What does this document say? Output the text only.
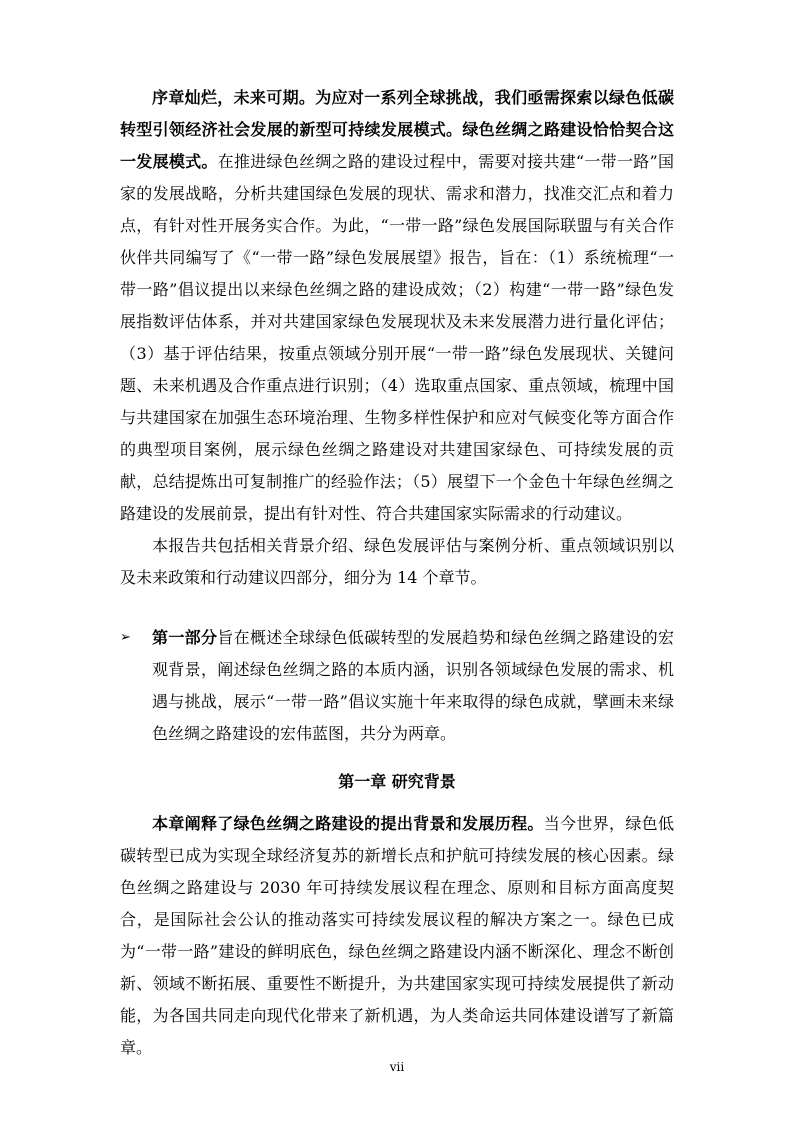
序章灿烂，未来可期。为应对一系列全球挑战，我们亟需探索以绿色低碳转型引领经济社会发展的新型可持续发展模式。绿色丝绸之路建设恰恰契合这一发展模式。在推进绿色丝绸之路的建设过程中，需要对接共建“一带一路”国家的发展战略，分析共建国绿色发展的现状、需求和潜力，找准交汇点和着力点，有针对性开展务实合作。为此，“一带一路”绿色发展国际联盟与有关合作伙伴共同编写了《“一带一路”绿色发展展望》报告，旨在：（1）系统梳理“一带一路”倡议提出以来绿色丝绸之路的建设成效；（2）构建“一带一路”绿色发展指数评估体系，并对共建国家绿色发展现状及未来发展潜力进行量化评估；（3）基于评估结果，按重点领域分别开展“一带一路”绿色发展现状、关键问题、未来机遇及合作重点进行识别；（4）选取重点国家、重点领域，梳理中国与共建国家在加强生态环境治理、生物多样性保护和应对气候变化等方面合作的典型项目案例，展示绿色丝绸之路建设对共建国家绿色、可持续发展的贡献，总结提炼出可复制推广的经验作法；（5）展望下一个金色十年绿色丝绸之路建设的发展前景，提出有针对性、符合共建国家实际需求的行动建议。

本报告共包括相关背景介绍、绿色发展评估与案例分析、重点领域识别以及未来政策和行动建议四部分，细分为 14 个章节。

➢	第一部分旨在概述全球绿色低碳转型的发展趋势和绿色丝绸之路建设的宏观背景，阐述绿色丝绸之路的本质内涵，识别各领域绿色发展的需求、机遇与挑战，展示“一带一路”倡议实施十年来取得的绿色成就，擘画未来绿色丝绸之路建设的宏伟蓝图，共分为两章。
第一章 研究背景

本章阐释了绿色丝绸之路建设的提出背景和发展历程。当今世界，绿色低碳转型已成为实现全球经济复苏的新增长点和护航可持续发展的核心因素。绿色丝绸之路建设与 2030 年可持续发展议程在理念、原则和目标方面高度契合，是国际社会公认的推动落实可持续发展议程的解决方案之一。绿色已成为“一带一路”建设的鲜明底色，绿色丝绸之路建设内涵不断深化、理念不断创新、领域不断拓展、重要性不断提升，为共建国家实现可持续发展提供了新动能，为各国共同走向现代化带来了新机遇，为人类命运共同体建设谱写了新篇章。

vii
